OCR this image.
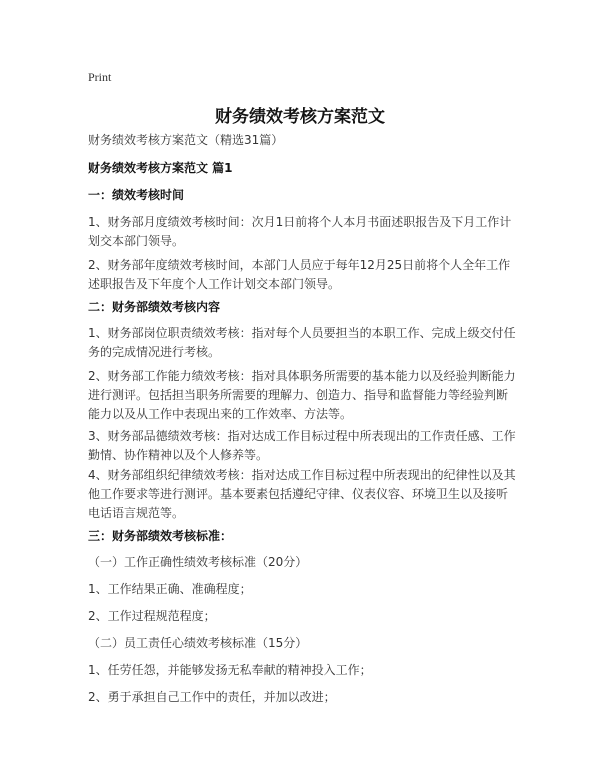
Print
财务绩效考核方案范文
财务绩效考核方案范文（精选31篇）
财务绩效考核方案范文 篇1
一：绩效考核时间
1、财务部月度绩效考核时间：次月1日前将个人本月书面述职报告及下月工作计划交本部门领导。
2、财务部年度绩效考核时间，本部门人员应于每年12月25日前将个人全年工作述职报告及下年度个人工作计划交本部门领导。
二：财务部绩效考核内容
1、财务部岗位职责绩效考核：指对每个人员要担当的本职工作、完成上级交付任务的完成情况进行考核。
2、财务部工作能力绩效考核：指对具体职务所需要的基本能力以及经验判断能力进行测评。包括担当职务所需要的理解力、创造力、指导和监督能力等经验判断能力以及从工作中表现出来的工作效率、方法等。
3、财务部品德绩效考核：指对达成工作目标过程中所表现出的工作责任感、工作勤情、协作精神以及个人修养等。
4、财务部组织纪律绩效考核：指对达成工作目标过程中所表现出的纪律性以及其他工作要求等进行测评。基本要素包括遵纪守律、仪表仪容、环境卫生以及接听电话语言规范等。
三：财务部绩效考核标准：
（一）工作正确性绩效考核标准（20分）
1、工作结果正确、准确程度；
2、工作过程规范程度；
（二）员工责任心绩效考核标准（15分）
1、任劳任怨，并能够发扬无私奉献的精神投入工作；
2、勇于承担自己工作中的责任，并加以改进；
